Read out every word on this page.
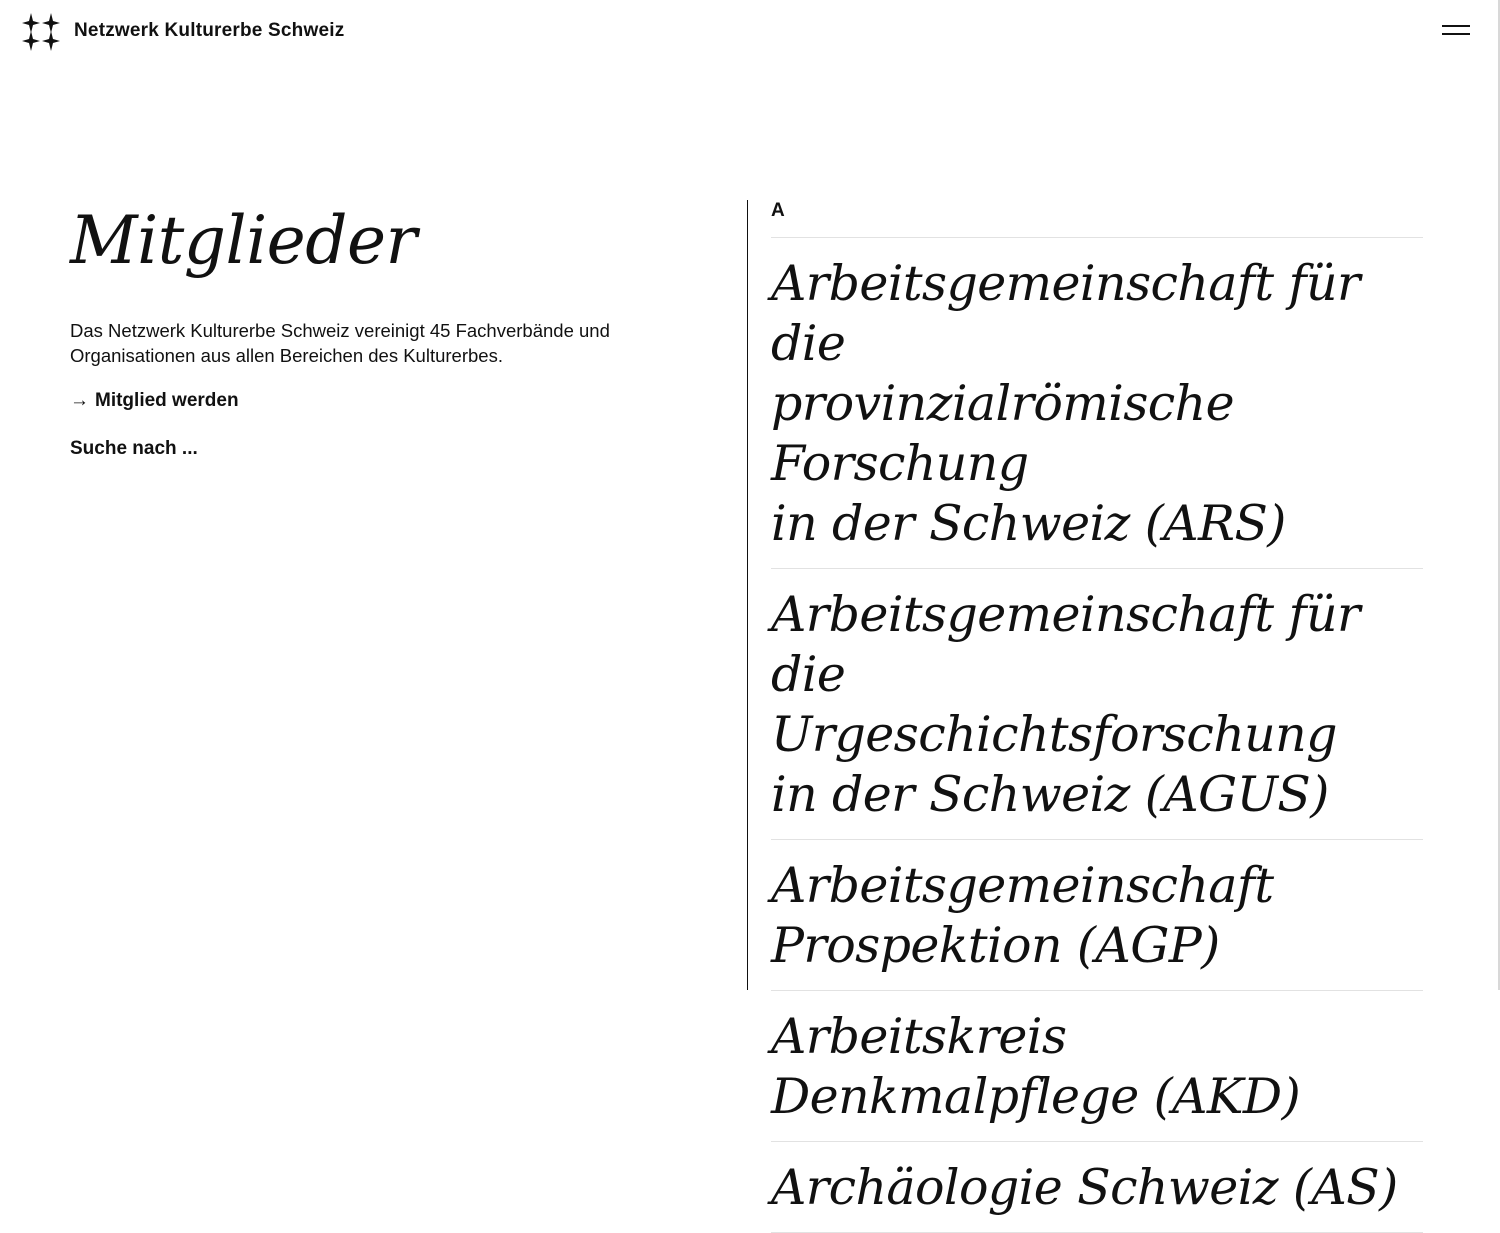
Netzwerk Kulturerbe Schweiz
Mitglieder

Das Netzwerk Kulturerbe Schweiz vereinigt 45 Fachverbände und Organisationen aus allen Bereichen des Kulturerbes.

→ Mitglied werden
Suche nach ...
A
Arbeitsgemeinschaft für die
provinzialrömische Forschung
in der Schweiz (ARS)
Arbeitsgemeinschaft für
die Urgeschichtsforschung
in der Schweiz (AGUS)
Arbeitsgemeinschaft
Prospektion (AGP)
Arbeitskreis
Denkmalpflege (AKD)
Archäologie Schweiz (AS)
